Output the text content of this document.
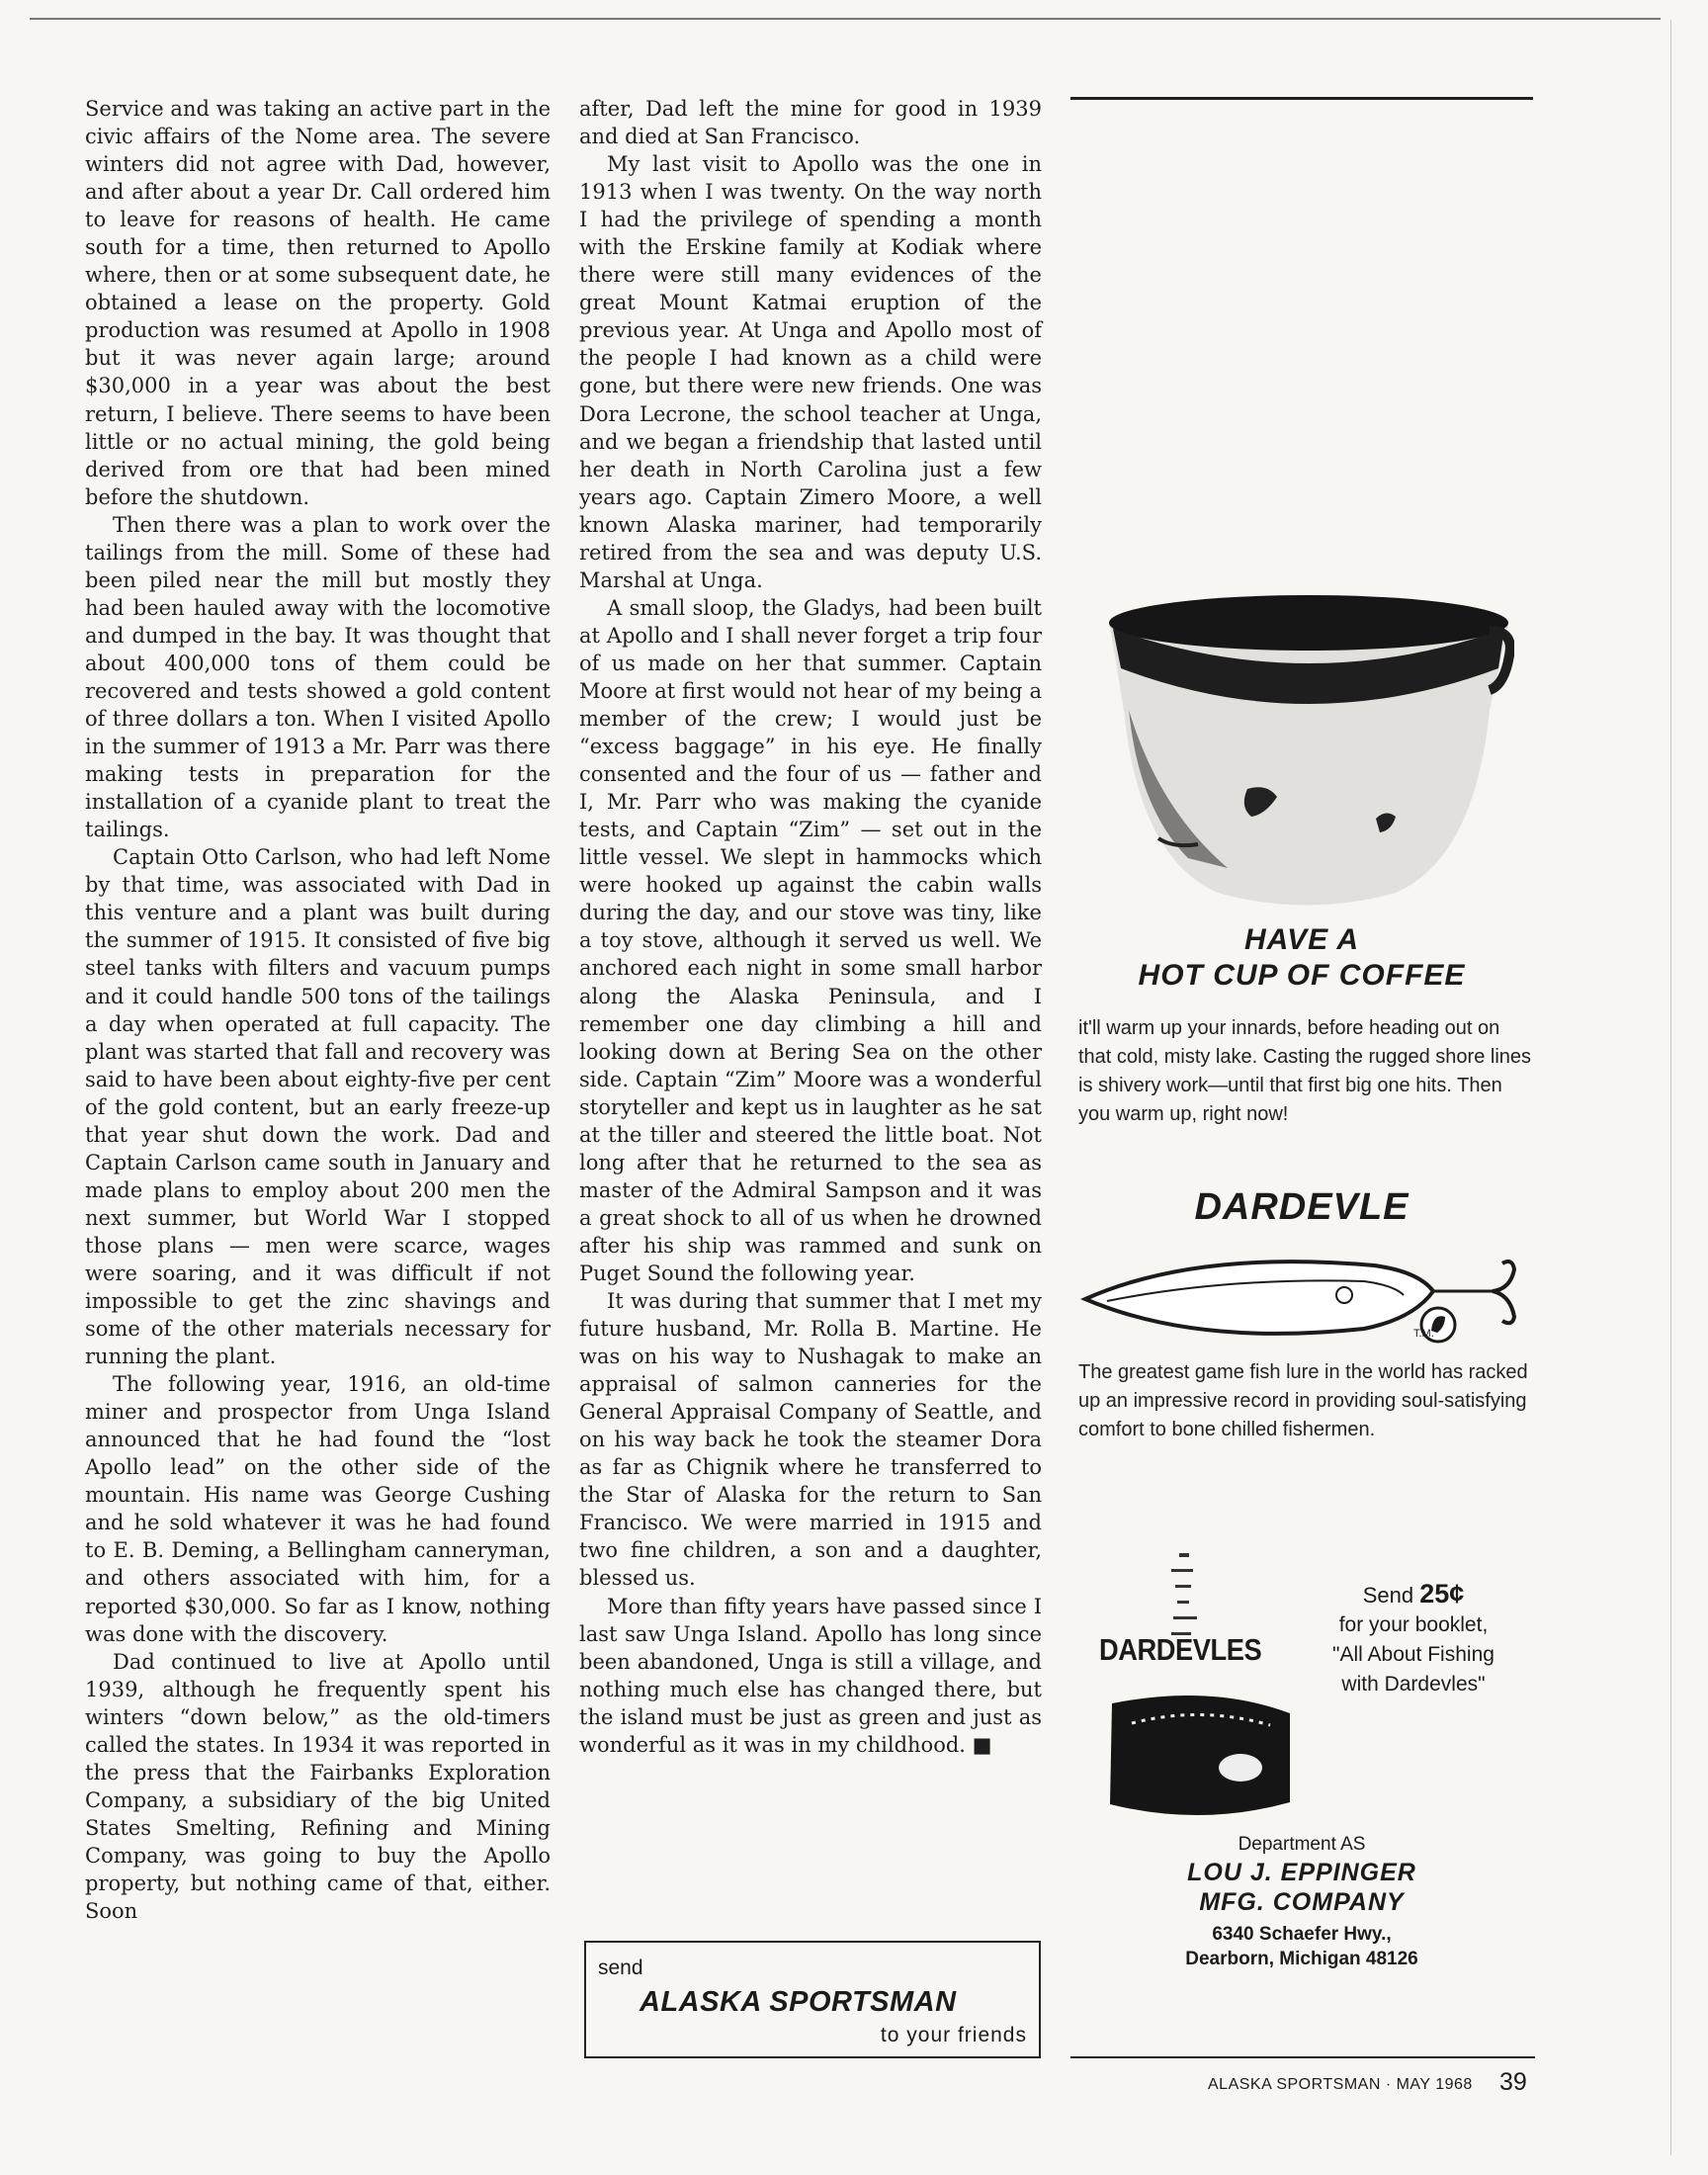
Service and was taking an active part in the civic affairs of the Nome area. The severe winters did not agree with Dad, however, and after about a year Dr. Call ordered him to leave for reasons of health. He came south for a time, then returned to Apollo where, then or at some subsequent date, he obtained a lease on the property. Gold production was resumed at Apollo in 1908 but it was never again large; around $30,000 in a year was about the best return, I believe. There seems to have been little or no actual mining, the gold being derived from ore that had been mined before the shutdown.

Then there was a plan to work over the tailings from the mill. Some of these had been piled near the mill but mostly they had been hauled away with the locomotive and dumped in the bay. It was thought that about 400,000 tons of them could be recovered and tests showed a gold content of three dollars a ton. When I visited Apollo in the summer of 1913 a Mr. Parr was there making tests in preparation for the installation of a cyanide plant to treat the tailings.

Captain Otto Carlson, who had left Nome by that time, was associated with Dad in this venture and a plant was built during the summer of 1915. It consisted of five big steel tanks with filters and vacuum pumps and it could handle 500 tons of the tailings a day when operated at full capacity. The plant was started that fall and recovery was said to have been about eighty-five per cent of the gold content, but an early freeze-up that year shut down the work. Dad and Captain Carlson came south in January and made plans to employ about 200 men the next summer, but World War I stopped those plans — men were scarce, wages were soaring, and it was difficult if not impossible to get the zinc shavings and some of the other materials necessary for running the plant.

The following year, 1916, an old-time miner and prospector from Unga Island announced that he had found the “lost Apollo lead” on the other side of the mountain. His name was George Cushing and he sold whatever it was he had found to E. B. Deming, a Bellingham canneryman, and others associated with him, for a reported $30,000. So far as I know, nothing was done with the discovery.

Dad continued to live at Apollo until 1939, although he frequently spent his winters “down below,” as the old-timers called the states. In 1934 it was reported in the press that the Fairbanks Exploration Company, a subsidiary of the big United States Smelting, Refining and Mining Company, was going to buy the Apollo property, but nothing came of that, either. Soon

after, Dad left the mine for good in 1939 and died at San Francisco.

My last visit to Apollo was the one in 1913 when I was twenty. On the way north I had the privilege of spending a month with the Erskine family at Kodiak where there were still many evidences of the great Mount Katmai eruption of the previous year. At Unga and Apollo most of the people I had known as a child were gone, but there were new friends. One was Dora Lecrone, the school teacher at Unga, and we began a friendship that lasted until her death in North Carolina just a few years ago. Captain Zimero Moore, a well known Alaska mariner, had temporarily retired from the sea and was deputy U.S. Marshal at Unga.

A small sloop, the Gladys, had been built at Apollo and I shall never forget a trip four of us made on her that summer. Captain Moore at first would not hear of my being a member of the crew; I would just be “excess baggage” in his eye. He finally consented and the four of us — father and I, Mr. Parr who was making the cyanide tests, and Captain “Zim” — set out in the little vessel. We slept in hammocks which were hooked up against the cabin walls during the day, and our stove was tiny, like a toy stove, although it served us well. We anchored each night in some small harbor along the Alaska Peninsula, and I remember one day climbing a hill and looking down at Bering Sea on the other side. Captain “Zim” Moore was a wonderful storyteller and kept us in laughter as he sat at the tiller and steered the little boat. Not long after that he returned to the sea as master of the Admiral Sampson and it was a great shock to all of us when he drowned after his ship was rammed and sunk on Puget Sound the following year.

It was during that summer that I met my future husband, Mr. Rolla B. Martine. He was on his way to Nushagak to make an appraisal of salmon canneries for the General Appraisal Company of Seattle, and on his way back he took the steamer Dora as far as Chignik where he transferred to the Star of Alaska for the return to San Francisco. We were married in 1915 and two fine children, a son and a daughter, blessed us.

More than fifty years have passed since I last saw Unga Island. Apollo has long since been abandoned, Unga is still a village, and nothing much else has changed there, but the island must be just as green and just as wonderful as it was in my childhood. ■

send
ALASKA SPORTSMAN
to your friends
HAVE A
HOT CUP OF COFFEE
it'll warm up your innards, before heading out on that cold, misty lake. Casting the rugged shore lines is shivery work—until that first big one hits. Then you warm up, right now!
DARDEVLE
T.M.
The greatest game fish lure in the world has racked up an impressive record in providing soul-satisfying comfort to bone chilled fishermen.
DARDEVLES
Send 25¢
for your booklet,
"All About Fishing
with Dardevles"
Department AS
LOU J. EPPINGER
MFG. COMPANY
6340 Schaefer Hwy.,
Dearborn, Michigan 48126
ALASKA SPORTSMAN · MAY 1968 39
